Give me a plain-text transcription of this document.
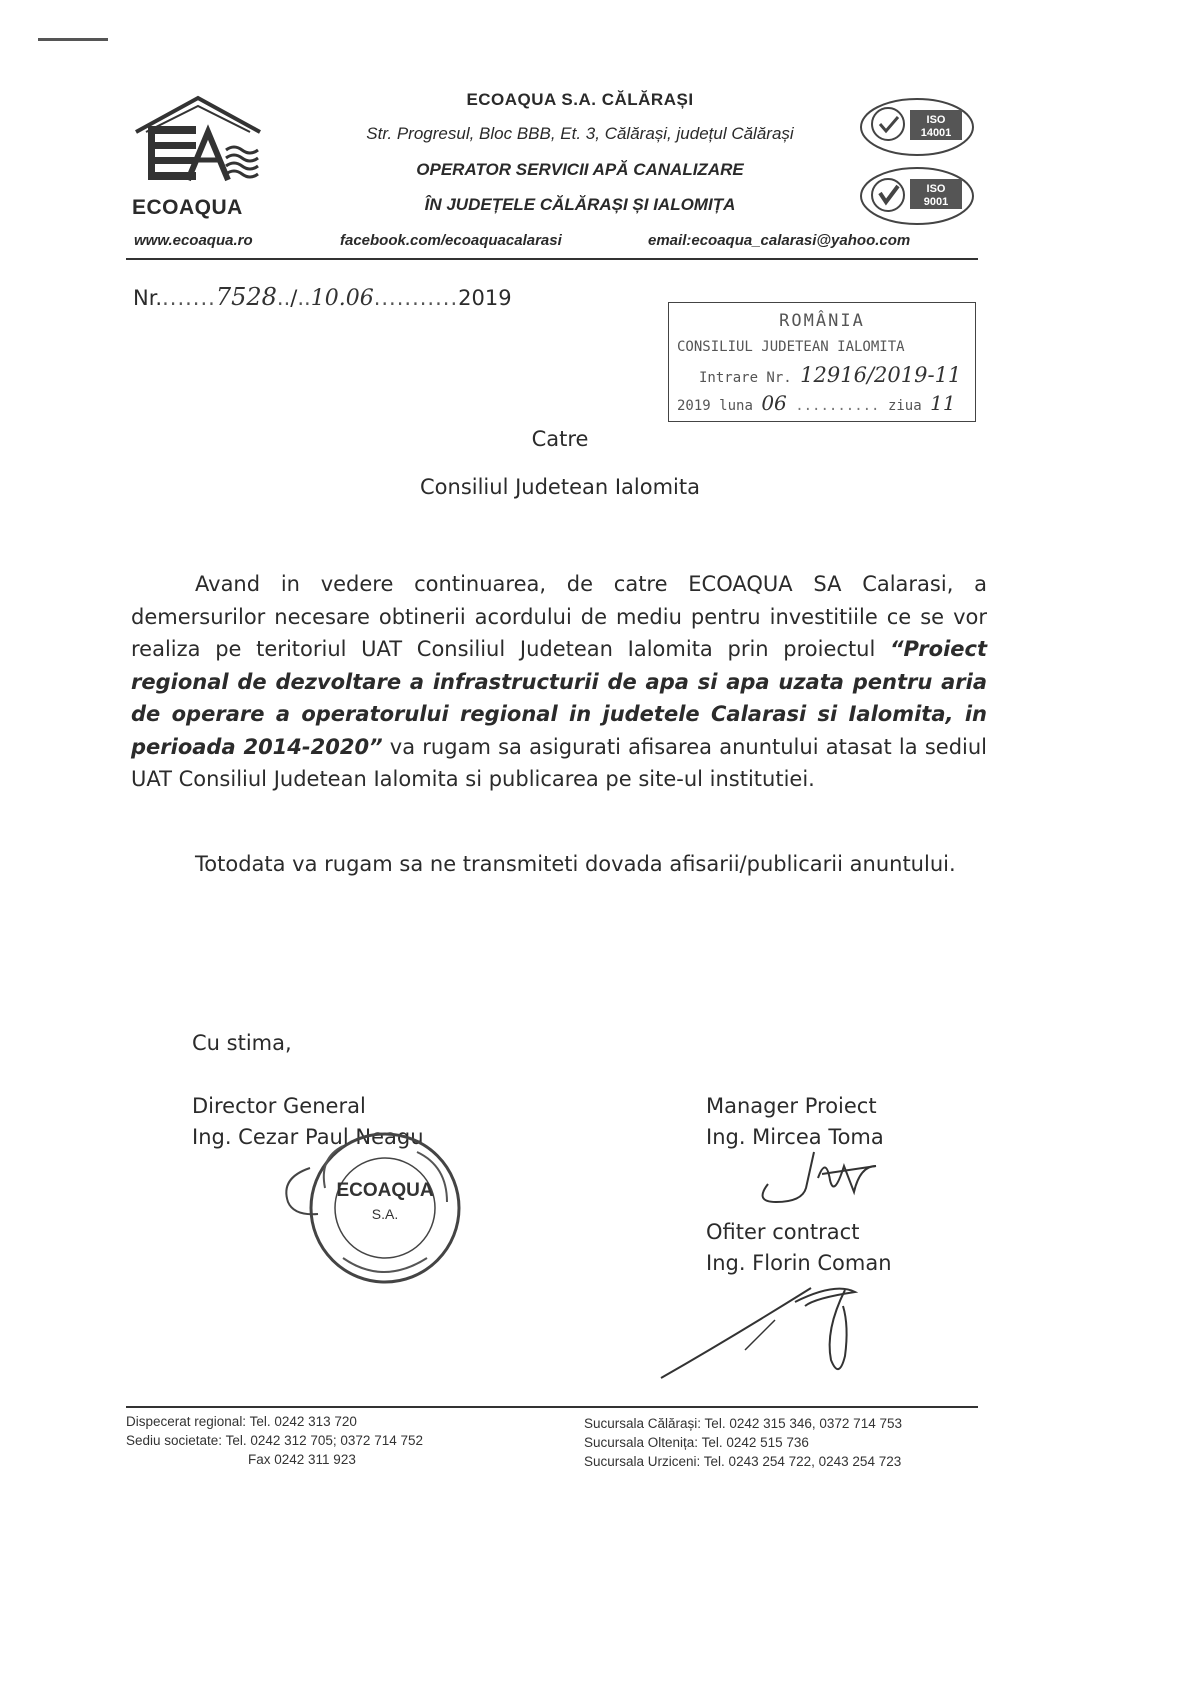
ECOAQUA
ECOAQUA S.A. CĂLĂRAȘI
Str. Progresul, Bloc BBB, Et. 3, Călărași, județul Călărași
OPERATOR SERVICII APĂ CANALIZARE
ÎN JUDEȚELE CĂLĂRAȘI ȘI IALOMIȚA
ISO
14001
ISO
9001
www.ecoaqua.ro	facebook.com/ecoaquacalarasi	email:ecoaqua_calarasi@yahoo.com
Nr........7528../..10.06...........2019
ROMÂNIA
CONSILIUL JUDETEAN IALOMITA
Intrare Nr. 12916/2019-11
2019 luna 06 .......... ziua 11
Catre
Consiliul Judetean Ialomita
Avand in vedere continuarea, de catre ECOAQUA SA Calarasi, a demersurilor necesare obtinerii acordului de mediu pentru investitiile ce se vor realiza pe teritoriul UAT Consiliul Judetean Ialomita prin proiectul “Proiect regional de dezvoltare a infrastructurii de apa si apa uzata pentru aria de operare a operatorului regional in judetele Calarasi si Ialomita, in perioada 2014-2020” va rugam sa asigurati afisarea anuntului atasat la sediul UAT Consiliul Judetean Ialomita si publicarea pe site-ul institutiei.
Totodata va rugam sa ne transmiteti dovada afisarii/publicarii anuntului.
Cu stima,
Director General
Ing. Cezar Paul Neagu
Manager Proiect
Ing. Mircea Toma
Ofiter contract
Ing. Florin Coman
ECOAQUA
S.A.
Dispecerat regional: Tel. 0242 313 720
Sediu societate: Tel. 0242 312 705; 0372 714 752
Fax 0242 311 923
Sucursala Călărași: Tel. 0242 315 346, 0372 714 753
Sucursala Oltenița: Tel. 0242 515 736
Sucursala Urziceni: Tel. 0243 254 722, 0243 254 723
